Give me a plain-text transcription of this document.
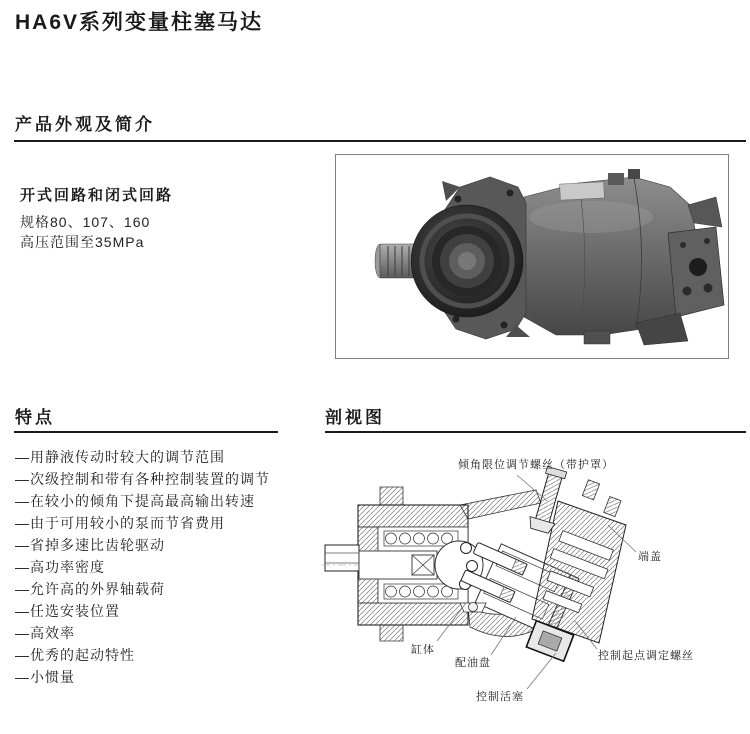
HA6V系列变量柱塞马达
产品外观及简介

开式回路和闭式回路

规格80、107、160

高压范围至35MPa

特点
—用静液传动时较大的调节范围
—次级控制和带有各种控制装置的调节
—在较小的倾角下提高最高输出转速
—由于可用较小的泵而节省费用
—省掉多速比齿轮驱动
—高功率密度
—允许高的外界轴载荷
—任选安装位置
—高效率
—优秀的起动特性
—小惯量
剖视图
倾角限位调节螺丝（带护罩）
端盖
控制起点调定螺丝
缸体
配油盘
控制活塞
